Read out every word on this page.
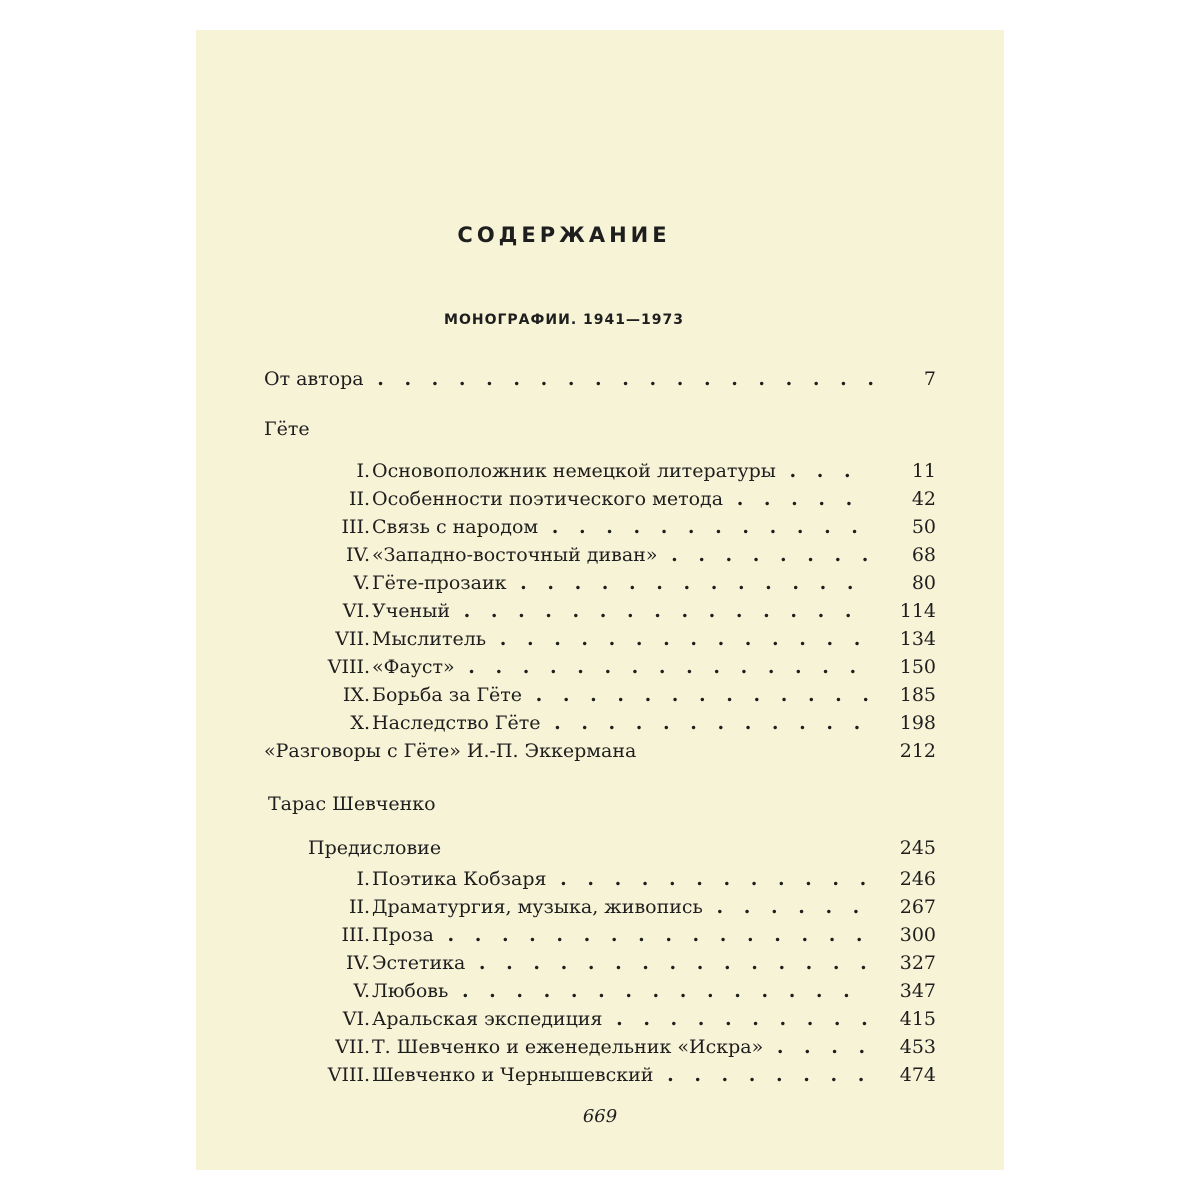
СОДЕРЖАНИЕ
МОНОГРАФИИ. 1941—1973
От автора . . .	7
Гёте
I. Основоположник немецкой литературы . . .	11
II. Особенности поэтического метода . . .	42
III. Связь с народом . . .	50
IV. «Западно-восточный диван» . . .	68
V. Гёте-прозаик . . .	80
VI. Ученый . . .	114
VII. Мыслитель . . .	134
VIII. «Фауст» . . .	150
IX. Борьба за Гёте . . .	185
X. Наследство Гёте . . .	198
«Разговоры с Гёте» И.-П. Эккермана	212
Тарас Шевченко
Предисловие	245
I. Поэтика Кобзаря . . .	246
II. Драматургия, музыка, живопись . . .	267
III. Проза . . .	300
IV. Эстетика . . .	327
V. Любовь . . .	347
VI. Аральская экспедиция . . .	415
VII. Т. Шевченко и еженедельник «Искра» . . .	453
VIII. Шевченко и Чернышевский . . .	474
669
